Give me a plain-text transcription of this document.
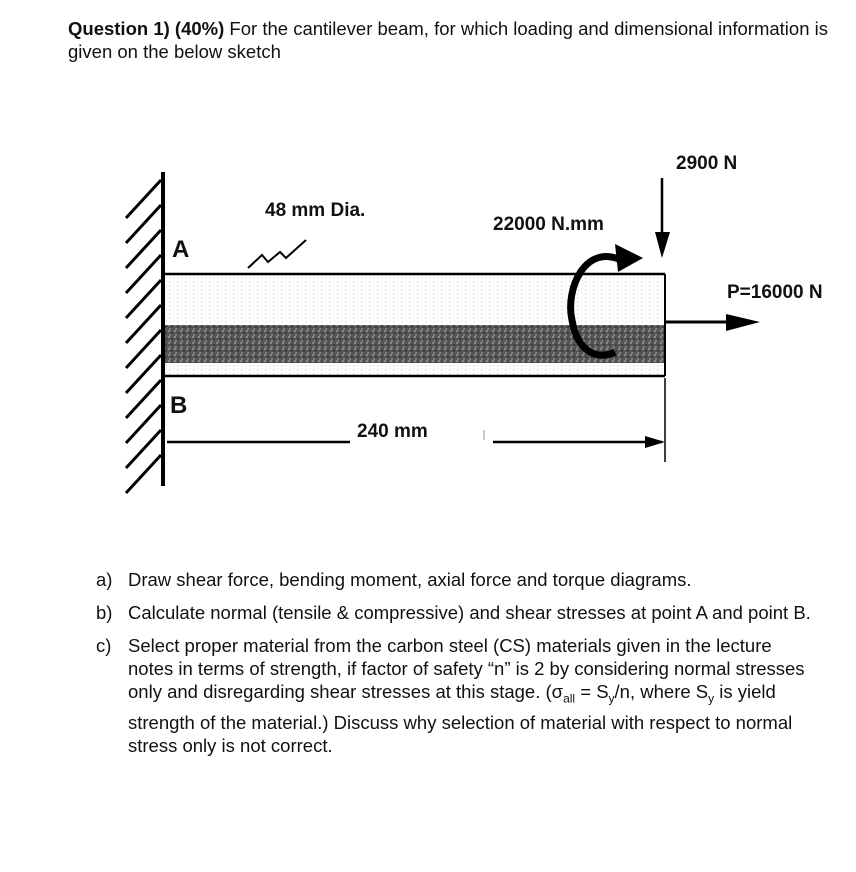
Question 1) (40%) For the cantilever beam, for which loading and dimensional information is given on the below sketch
2900 N
48 mm Dia.
22000 N.mm
P=16000 N
A
B
240 mm
a) Draw shear force, bending moment, axial force and torque diagrams.
b) Calculate normal (tensile & compressive) and shear stresses at point A and point B.
c) Select proper material from the carbon steel (CS) materials given in the lecture notes in terms of strength, if factor of safety “n” is 2 by considering normal stresses only and disregarding shear stresses at this stage. ($\sigma_{all} = S_y/n$, where $S_y$ is yield strength of the material.) Discuss why selection of material with respect to normal stress only is not correct.
